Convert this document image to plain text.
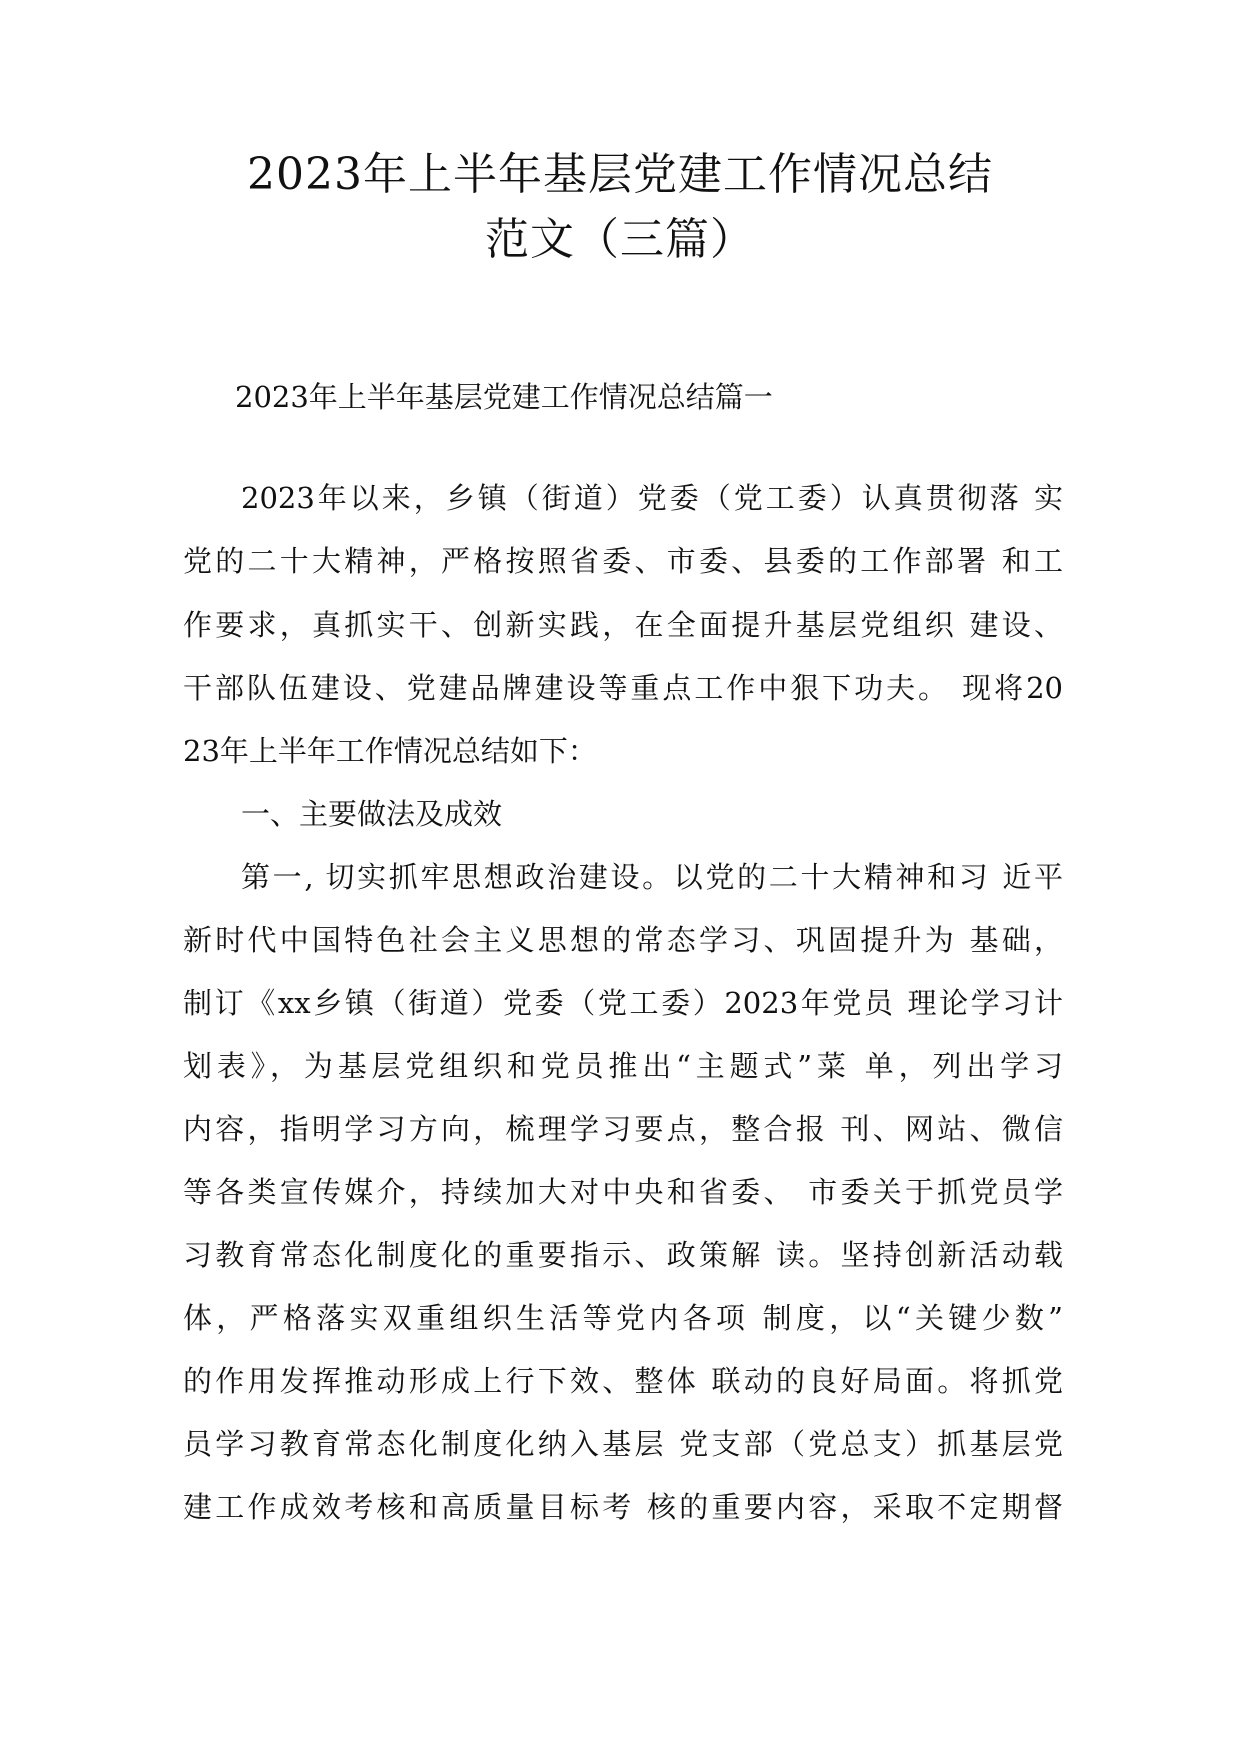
2023年上半年基层党建工作情况总结
范文（三篇）
2023年上半年基层党建工作情况总结篇一
2023年以来，乡镇（街道）党委（党工委）认真贯彻落 实
党的二十大精神，严格按照省委、市委、县委的工作部署 和工
作要求，真抓实干、创新实践，在全面提升基层党组织 建设、
干部队伍建设、党建品牌建设等重点工作中狠下功夫。 现将20
23年上半年工作情况总结如下：
一、主要做法及成效
第一, 切实抓牢思想政治建设。以党的二十大精神和习 近平
新时代中国特色社会主义思想的常态学习、巩固提升为 基础，
制订《xx乡镇（街道）党委（党工委）2023年党员 理论学习计
划表》，为基层党组织和党员推出“主题式”菜 单，列出学习
内容，指明学习方向，梳理学习要点，整合报 刊、网站、微信
等各类宣传媒介，持续加大对中央和省委、 市委关于抓党员学
习教育常态化制度化的重要指示、政策解 读。坚持创新活动载
体，严格落实双重组织生活等党内各项 制度，以“关键少数”
的作用发挥推动形成上行下效、整体 联动的良好局面。将抓党
员学习教育常态化制度化纳入基层 党支部（党总支）抓基层党
建工作成效考核和高质量目标考 核的重要内容，采取不定期督
